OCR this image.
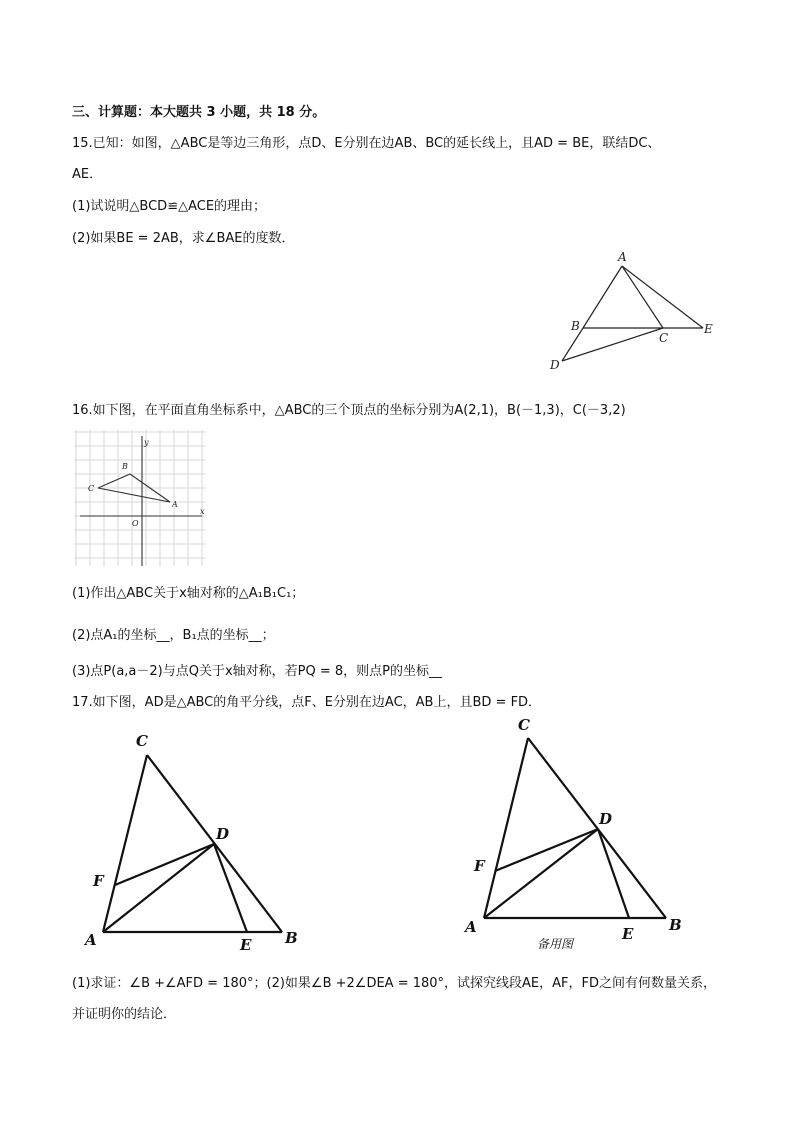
三、计算题：本大题共 3 小题，共 18 分。
15.已知：如图，△ABC是等边三角形，点D、E分别在边AB、BC的延长线上，且AD = BE，联结DC、
AE．
(1)试说明△BCD≌△ACE的理由；
(2)如果BE = 2AB，求∠BAE的度数．
A
B
C
D
E
16.如下图，在平面直角坐标系中，△ABC的三个顶点的坐标分别为A(2,1)，B(－1,3)，C(－3,2)
y
x
O
B
C
A
(1)作出△ABC关于x轴对称的△A₁B₁C₁；
(2)点A₁的坐标__，B₁点的坐标__；
(3)点P(a,a－2)与点Q关于x轴对称，若PQ = 8，则点P的坐标__
17.如下图，AD是△ABC的角平分线，点F、E分别在边AC，AB上，且BD = FD．
C
D
F
A	E B
C
D
F
A	E B
备用图
(1)求证：∠B +∠AFD = 180°；(2)如果∠B +2∠DEA = 180°，试探究线段AE，AF，FD之间有何数量关系，
并证明你的结论．
